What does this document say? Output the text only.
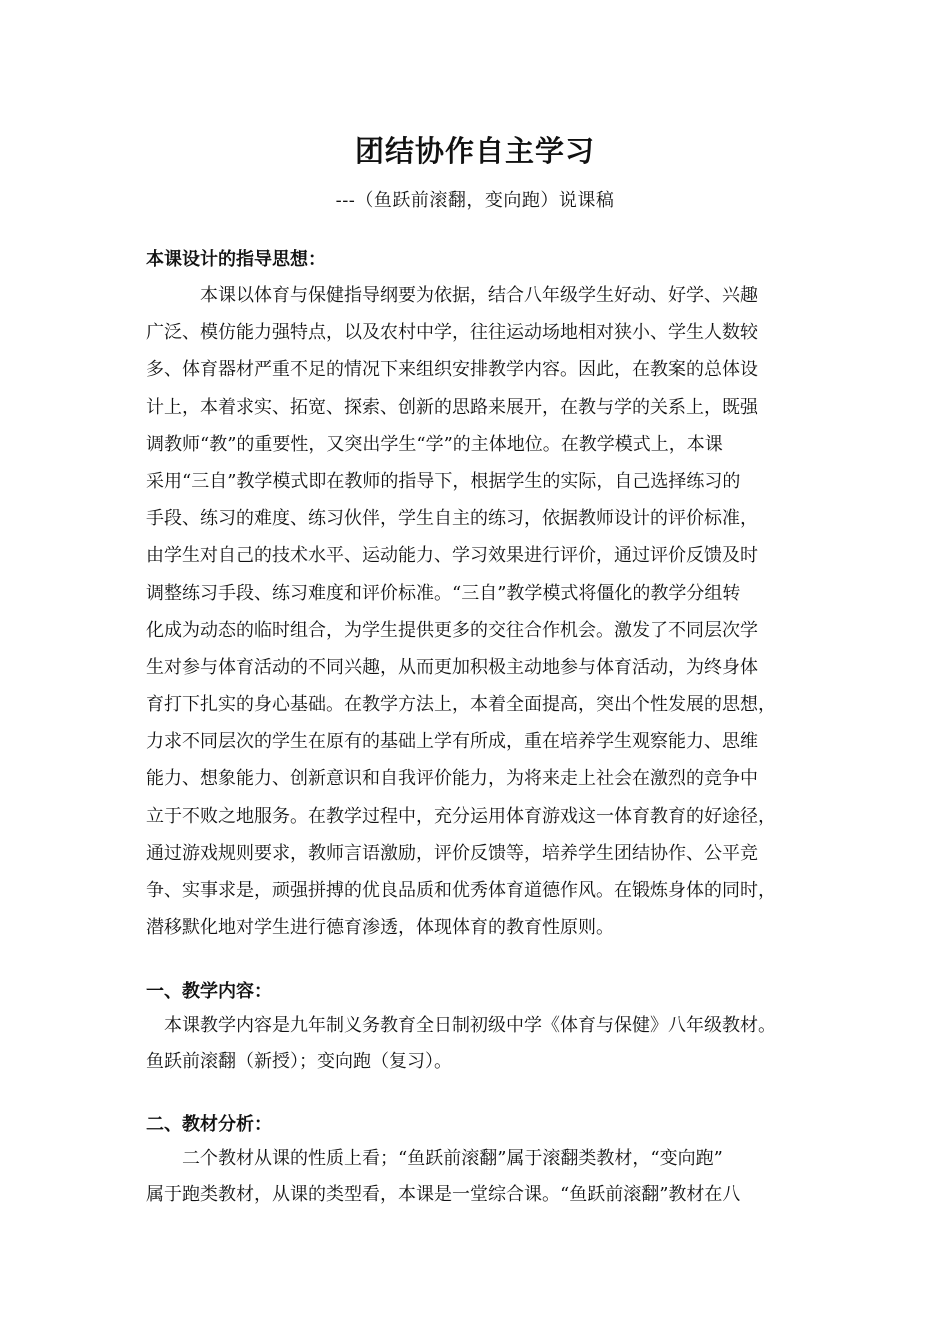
团结协作自主学习
---（鱼跃前滚翻，变向跑）说课稿
本课设计的指导思想：
　　　本课以体育与保健指导纲要为依据，结合八年级学生好动、好学、兴趣
广泛、模仿能力强特点，以及农村中学，往往运动场地相对狭小、学生人数较
多、体育器材严重不足的情况下来组织安排教学内容。因此，在教案的总体设
计上，本着求实、拓宽、探索、创新的思路来展开，在教与学的关系上，既强
调教师“教”的重要性，又突出学生“学”的主体地位。在教学模式上，本课
采用“三自”教学模式即在教师的指导下，根据学生的实际，自己选择练习的
手段、练习的难度、练习伙伴，学生自主的练习，依据教师设计的评价标准，
由学生对自己的技术水平、运动能力、学习效果进行评价，通过评价反馈及时
调整练习手段、练习难度和评价标准。“三自”教学模式将僵化的教学分组转
化成为动态的临时组合，为学生提供更多的交往合作机会。激发了不同层次学
生对参与体育活动的不同兴趣，从而更加积极主动地参与体育活动，为终身体
育打下扎实的身心基础。在教学方法上，本着全面提高，突出个性发展的思想，
力求不同层次的学生在原有的基础上学有所成，重在培养学生观察能力、思维
能力、想象能力、创新意识和自我评价能力，为将来走上社会在激烈的竞争中
立于不败之地服务。在教学过程中，充分运用体育游戏这一体育教育的好途径，
通过游戏规则要求，教师言语激励，评价反馈等，培养学生团结协作、公平竞
争、实事求是，顽强拼搏的优良品质和优秀体育道德作风。在锻炼身体的同时，
潜移默化地对学生进行德育渗透，体现体育的教育性原则。
一、教学内容：
　本课教学内容是九年制义务教育全日制初级中学《体育与保健》八年级教材。
鱼跃前滚翻（新授）；变向跑（复习）。
二、教材分析：
　　二个教材从课的性质上看；“鱼跃前滚翻”属于滚翻类教材，“变向跑”
属于跑类教材，从课的类型看，本课是一堂综合课。“鱼跃前滚翻”教材在八
